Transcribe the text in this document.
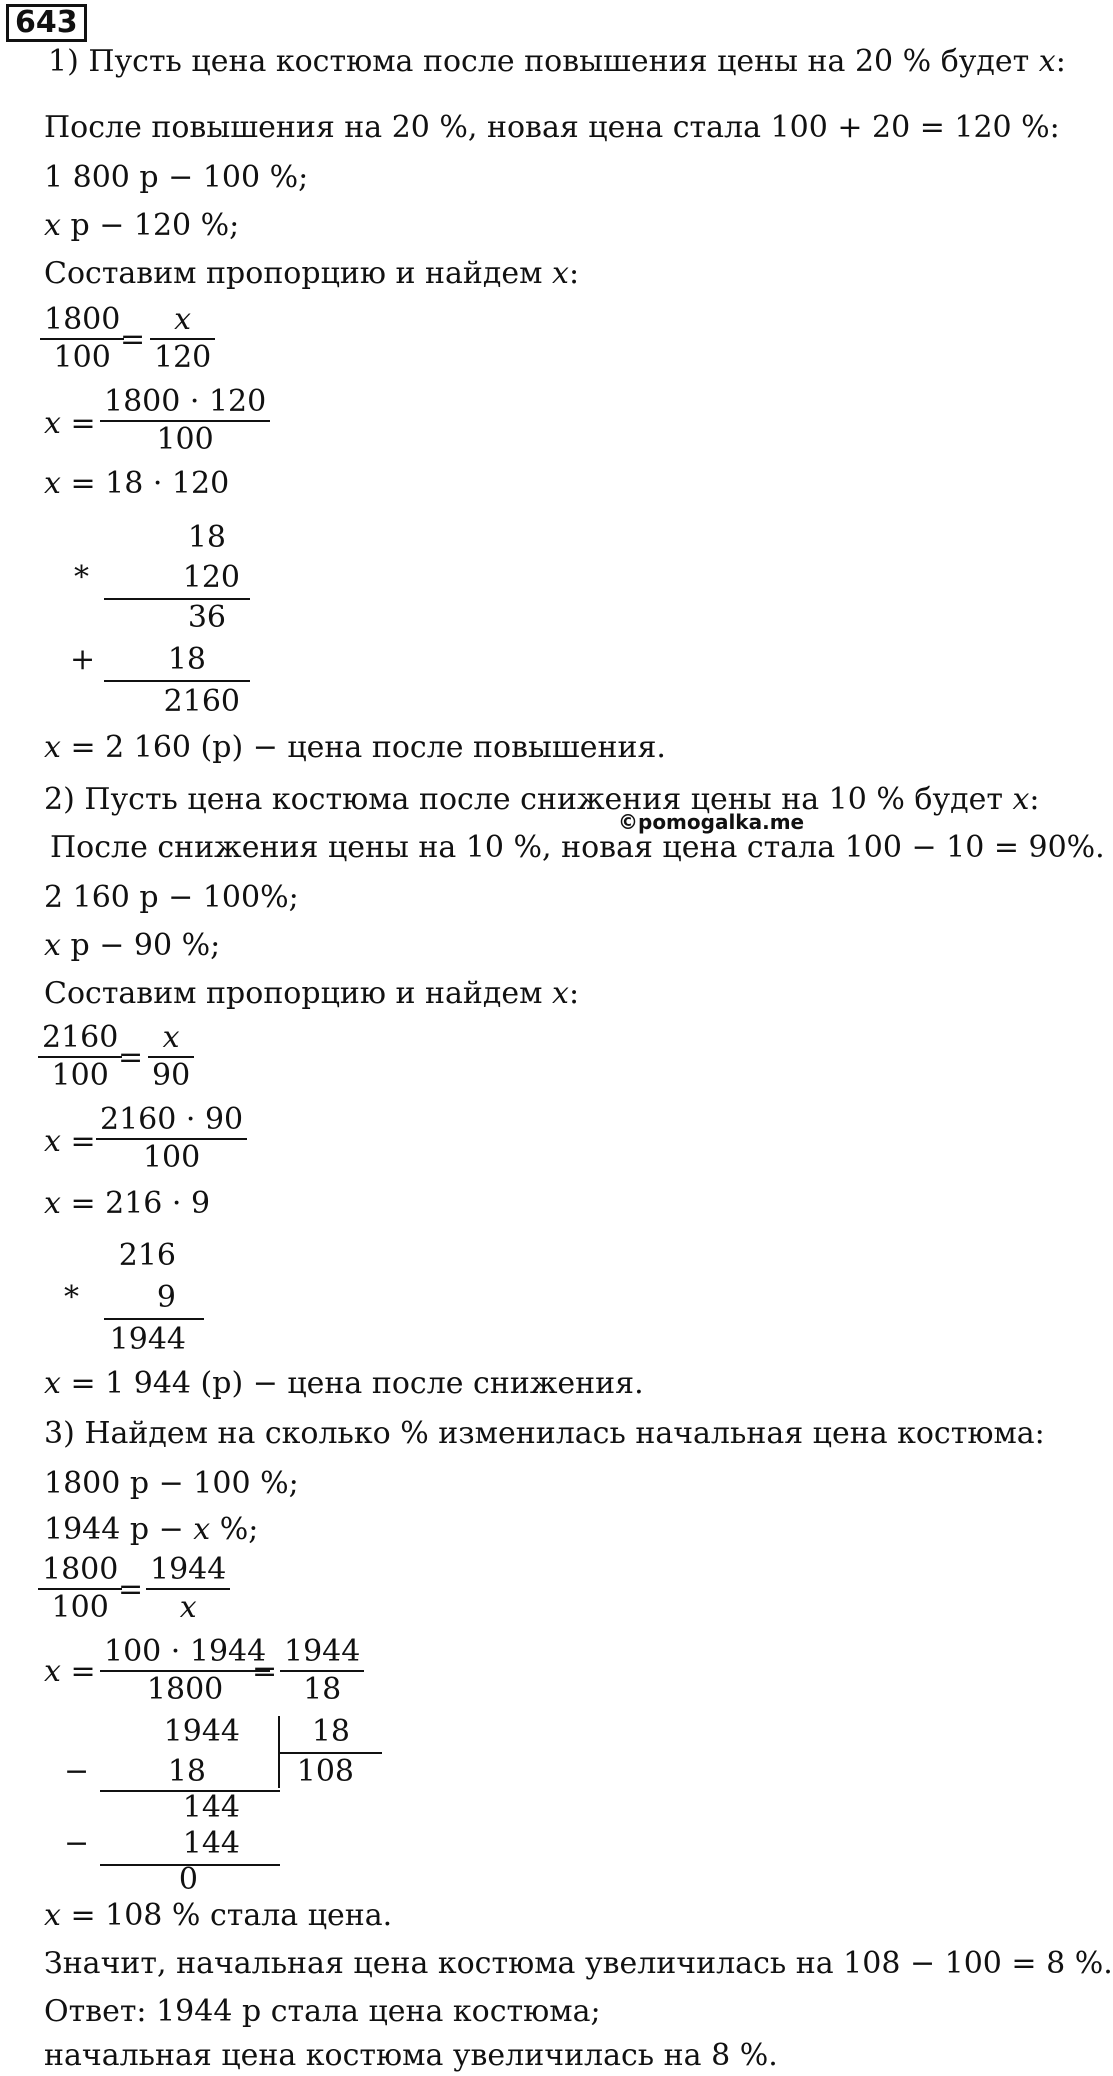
643
1) Пусть цена костюма после повышения цены на 20 % будет x:
После повышения на 20 %, новая цена стала 100 + 20 = 120 %:
1 800 р − 100 %;
x р − 120 %;
Составим пропорцию и найдем x:
$\frac{1800}{100}$
= $\frac{x}{120}$
$x = \frac{1800 \cdot 120}{100}$
x = 18 · 120
18
*	120
36
+	18
2160
x = 2 160 (р) − цена после повышения.
2) Пусть цена костюма после снижения цены на 10 % будет x:
©pomogalka.me
После снижения цены на 10 %, новая цена стала 100 − 10 = 90%.
2 160 р − 100%;
x р − 90 %;
Составим пропорцию и найдем x:
$\frac{2160}{100}$
= $\frac{x}{90}$
$x = \frac{2160 \cdot 90}{100}$
x = 216 · 9
216
*	9
1944
x = 1 944 (р) − цена после снижения.
3) Найдем на сколько % изменилась начальная цена костюма:
1800 р − 100 %;
1944 р − x %;
$\frac{1800}{100}$
= $\frac{1944}{x}$
$x = \frac{100 \cdot 1944}{1800}$
= $\frac{1944}{18}$
1944	18
108
−	18
144
−	144
0
x = 108 % стала цена.
Значит, начальная цена костюма увеличилась на 108 − 100 = 8 %.
Ответ: 1944 р стала цена костюма;
начальная цена костюма увеличилась на 8 %.
